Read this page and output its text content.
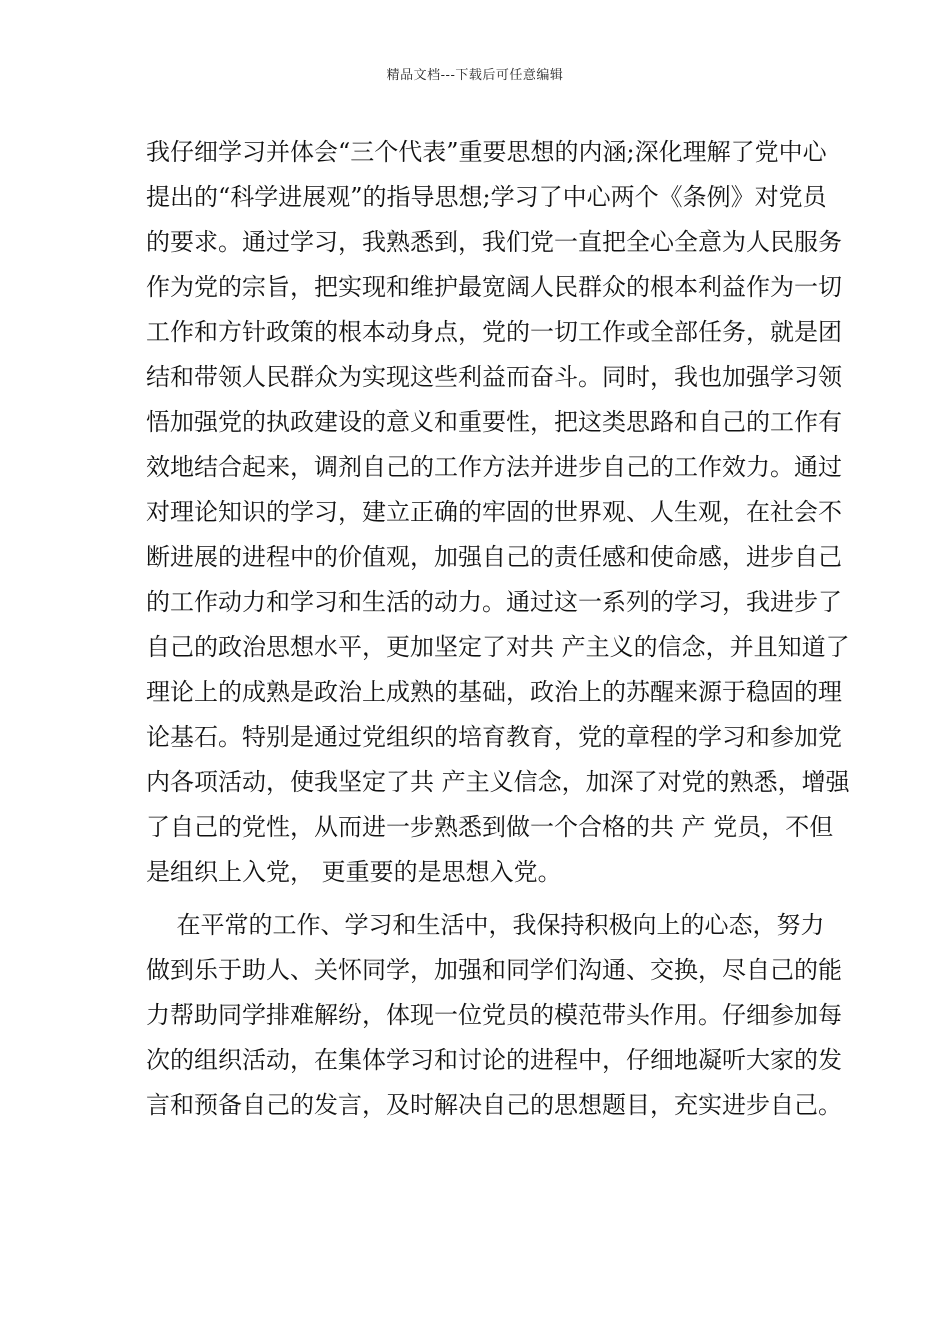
精品文档---下载后可任意编辑
我仔细学习并体会“三个代表”重要思想的内涵;深化理解了党中心
提出的“科学进展观”的指导思想;学习了中心两个《条例》对党员
的要求。通过学习，我熟悉到，我们党一直把全心全意为人民服务
作为党的宗旨，把实现和维护最宽阔人民群众的根本利益作为一切
工作和方针政策的根本动身点，党的一切工作或全部任务，就是团
结和带领人民群众为实现这些利益而奋斗。同时，我也加强学习领
悟加强党的执政建设的意义和重要性，把这类思路和自己的工作有
效地结合起来，调剂自己的工作方法并进步自己的工作效力。通过
对理论知识的学习，建立正确的牢固的世界观、人生观，在社会不
断进展的进程中的价值观，加强自己的责任感和使命感，进步自己
的工作动力和学习和生活的动力。通过这一系列的学习，我进步了
自己的政治思想水平，更加坚定了对共 产主义的信念，并且知道了
理论上的成熟是政治上成熟的基础，政治上的苏醒来源于稳固的理
论基石。特别是通过党组织的培育教育，党的章程的学习和参加党
内各项活动，使我坚定了共 产主义信念，加深了对党的熟悉，增强
了自己的党性，从而进一步熟悉到做一个合格的共 产 党员，不但
是组织上入党， 更重要的是思想入党。
在平常的工作、学习和生活中，我保持积极向上的心态，努力
做到乐于助人、关怀同学，加强和同学们沟通、交换，尽自己的能
力帮助同学排难解纷，体现一位党员的模范带头作用。仔细参加每
次的组织活动，在集体学习和讨论的进程中，仔细地凝听大家的发
言和预备自己的发言，及时解决自己的思想题目，充实进步自己。
